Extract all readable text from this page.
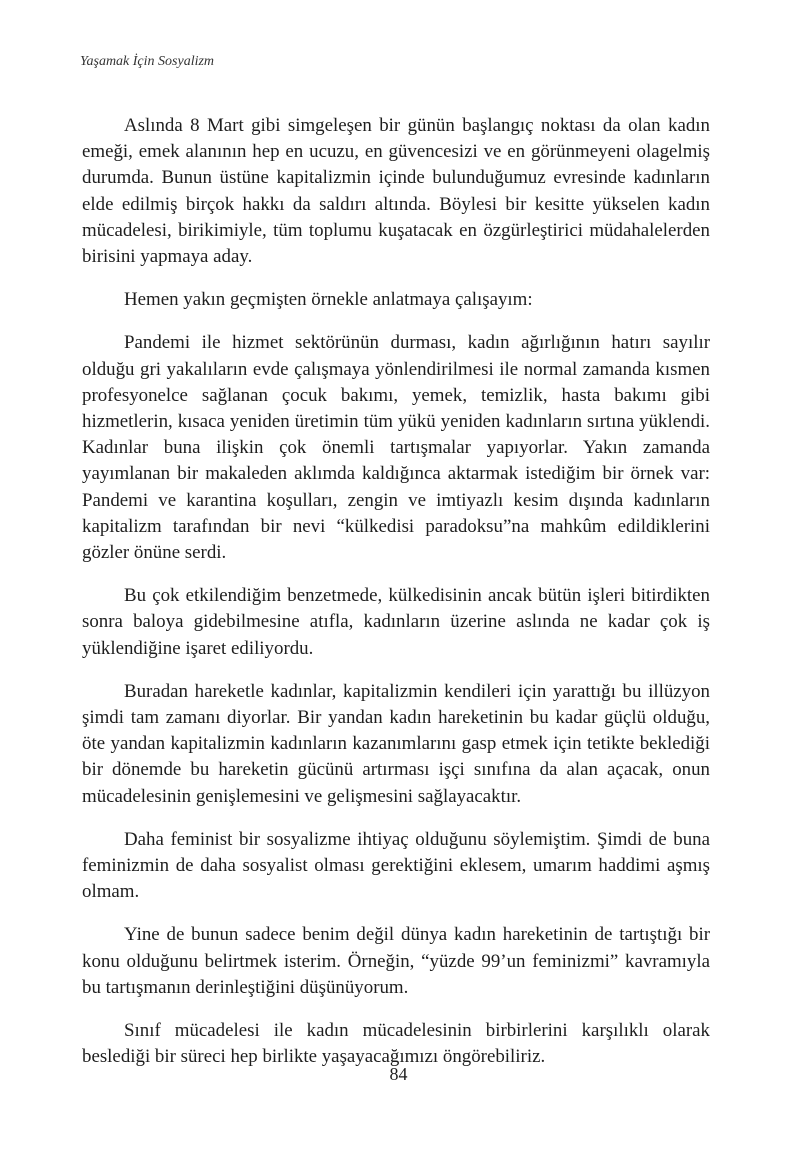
Yaşamak İçin Sosyalizm

Aslında 8 Mart gibi simgeleşen bir günün başlangıç noktası da olan kadın emeği, emek alanının hep en ucuzu, en güvencesizi ve en görünmeyeni olagelmiş durumda. Bunun üstüne kapitalizmin içinde bulunduğumuz evresinde kadınların elde edilmiş birçok hakkı da saldırı altında. Böylesi bir kesitte yükselen kadın mücadelesi, birikimiyle, tüm toplumu kuşatacak en özgürleştirici müdahalelerden birisini yapmaya aday.

Hemen yakın geçmişten örnekle anlatmaya çalışayım:

Pandemi ile hizmet sektörünün durması, kadın ağırlığının hatırı sayılır olduğu gri yakalıların evde çalışmaya yönlendirilmesi ile normal zamanda kısmen profesyonelce sağlanan çocuk bakımı, yemek, temizlik, hasta bakımı gibi hizmetlerin, kısaca yeniden üretimin tüm yükü yeniden kadınların sırtına yüklendi. Kadınlar buna ilişkin çok önemli tartışmalar yapıyorlar. Yakın zamanda yayımlanan bir makaleden aklımda kaldığınca aktarmak istediğim bir örnek var: Pandemi ve karantina koşulları, zengin ve imtiyazlı kesim dışında kadınların kapitalizm tarafından bir nevi “külkedisi paradoksu”na mahkûm edildiklerini gözler önüne serdi.

Bu çok etkilendiğim benzetmede, külkedisinin ancak bütün işleri bitirdikten sonra baloya gidebilmesine atıfla, kadınların üzerine aslında ne kadar çok iş yüklendiğine işaret ediliyordu.

Buradan hareketle kadınlar, kapitalizmin kendileri için yarattığı bu illüzyon şimdi tam zamanı diyorlar. Bir yandan kadın hareketinin bu kadar güçlü olduğu, öte yandan kapitalizmin kadınların kazanımlarını gasp etmek için tetikte beklediği bir dönemde bu hareketin gücünü artırması işçi sınıfına da alan açacak, onun mücadelesinin genişlemesini ve gelişmesini sağlayacaktır.

Daha feminist bir sosyalizme ihtiyaç olduğunu söylemiştim. Şimdi de buna feminizmin de daha sosyalist olması gerektiğini eklesem, umarım haddimi aşmış olmam.

Yine de bunun sadece benim değil dünya kadın hareketinin de tartıştığı bir konu olduğunu belirtmek isterim. Örneğin, “yüzde 99’un feminizmi” kavramıyla bu tartışmanın derinleştiğini düşünüyorum.

Sınıf mücadelesi ile kadın mücadelesinin birbirlerini karşılıklı olarak beslediği bir süreci hep birlikte yaşayacağımızı öngörebiliriz.

84
